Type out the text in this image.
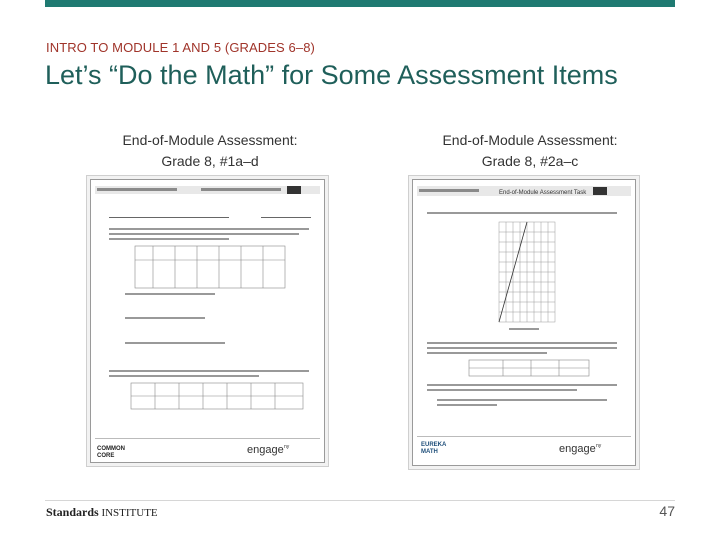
INTRO TO MODULE 1 AND 5 (GRADES 6–8)
Let’s “Do the Math” for Some Assessment Items
End-of-Module Assessment:
Grade 8, #1a–d
COMMON
CORE	engage ny
End-of-Module Assessment:
Grade 8, #2a–c
End-of-Module Assessment Task
EUREKA
MATH	engage ny
Standards INSTITUTE	47
